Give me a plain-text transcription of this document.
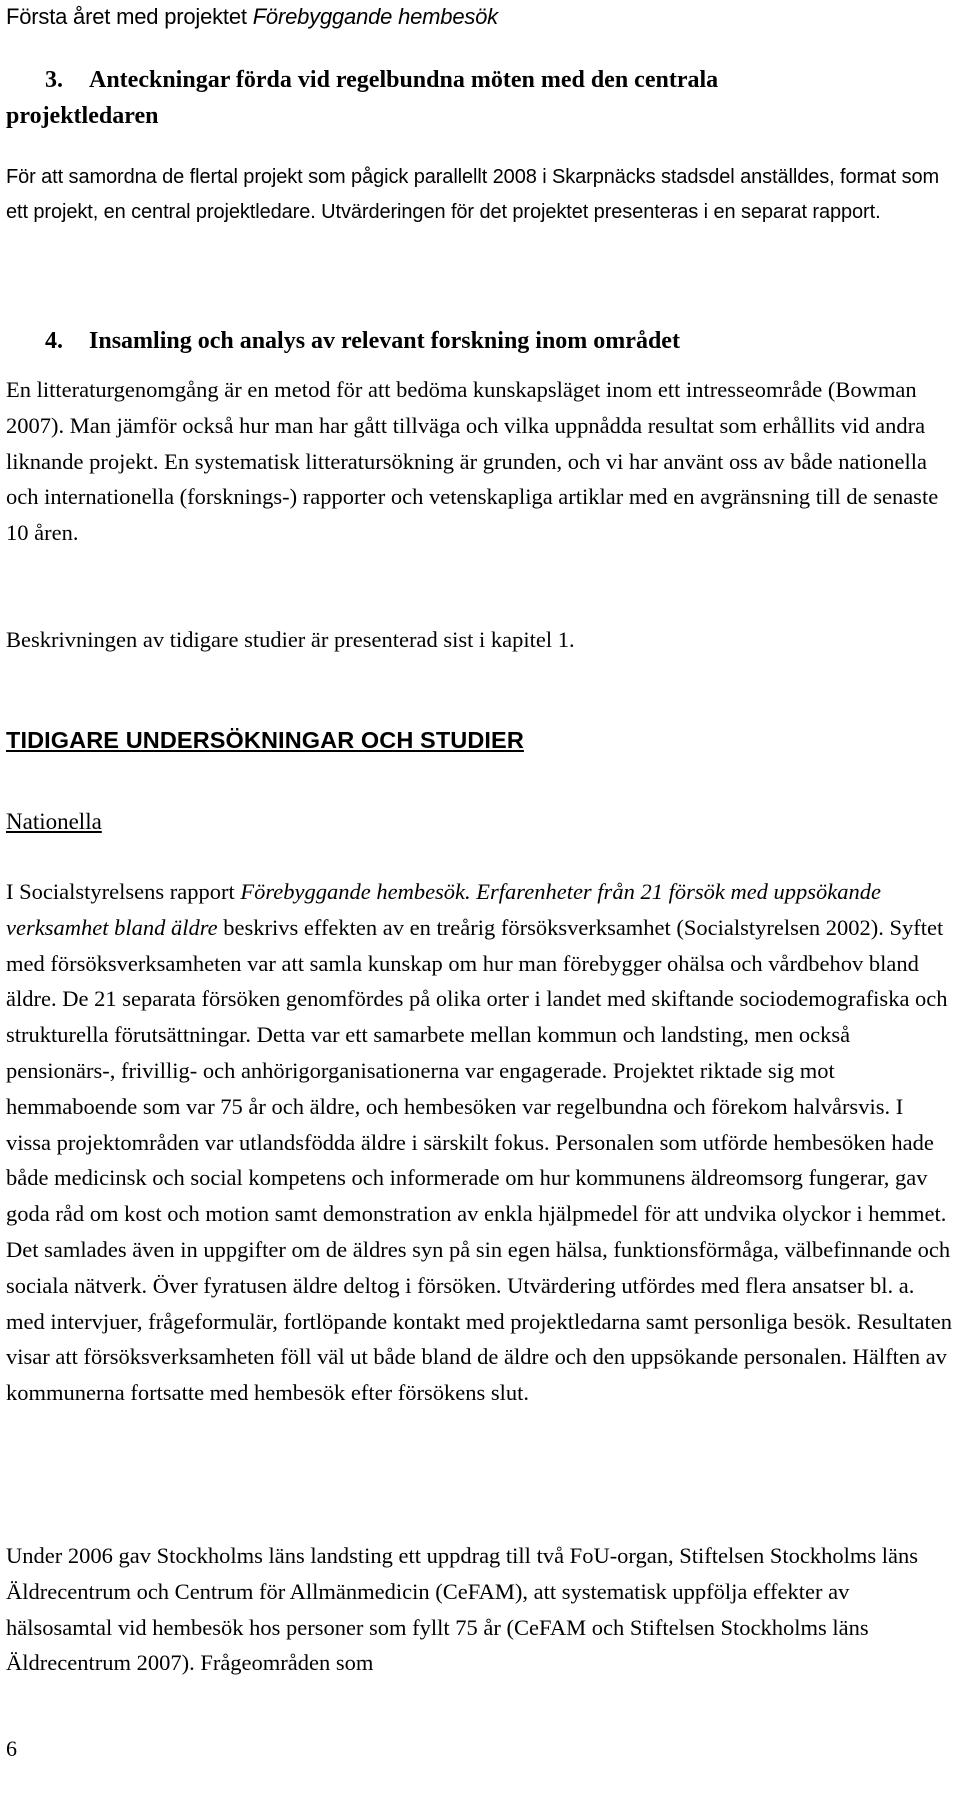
Första året med projektet Förebyggande hembesök
3. Anteckningar förda vid regelbundna möten med den centrala
projektledaren

För att samordna de flertal projekt som pågick parallellt 2008 i Skarpnäcks stadsdel anställdes, format som ett projekt, en central projektledare. Utvärderingen för det projektet presenteras i en separat rapport.

4. Insamling och analys av relevant forskning inom området

En litteraturgenomgång är en metod för att bedöma kunskapsläget inom ett intresseområde (Bowman 2007). Man jämför också hur man har gått tillväga och vilka uppnådda resultat som erhållits vid andra liknande projekt. En systematisk litteratursökning är grunden, och vi har använt oss av både nationella och internationella (forsknings-) rapporter och vetenskapliga artiklar med en avgränsning till de senaste 10 åren.

Beskrivningen av tidigare studier är presenterad sist i kapitel 1.

TIDIGARE UNDERSÖKNINGAR OCH STUDIER
Nationella

I Socialstyrelsens rapport Förebyggande hembesök. Erfarenheter från 21 försök med uppsökande verksamhet bland äldre beskrivs effekten av en treårig försöksverksamhet (Socialstyrelsen 2002). Syftet med försöksverksamheten var att samla kunskap om hur man förebygger ohälsa och vårdbehov bland äldre. De 21 separata försöken genomfördes på olika orter i landet med skiftande sociodemografiska och strukturella förutsättningar. Detta var ett samarbete mellan kommun och landsting, men också pensionärs-, frivillig- och anhörigorganisationerna var engagerade. Projektet riktade sig mot hemmaboende som var 75 år och äldre, och hembesöken var regelbundna och förekom halvårsvis. I vissa projektområden var utlandsfödda äldre i särskilt fokus. Personalen som utförde hembesöken hade både medicinsk och social kompetens och informerade om hur kommunens äldreomsorg fungerar, gav goda råd om kost och motion samt demonstration av enkla hjälpmedel för att undvika olyckor i hemmet. Det samlades även in uppgifter om de äldres syn på sin egen hälsa, funktionsförmåga, välbefinnande och sociala nätverk. Över fyratusen äldre deltog i försöken. Utvärdering utfördes med flera ansatser bl. a. med intervjuer, frågeformulär, fortlöpande kontakt med projektledarna samt personliga besök. Resultaten visar att försöksverksamheten föll väl ut både bland de äldre och den uppsökande personalen. Hälften av kommunerna fortsatte med hembesök efter försökens slut.

Under 2006 gav Stockholms läns landsting ett uppdrag till två FoU-organ, Stiftelsen Stockholms läns Äldrecentrum och Centrum för Allmänmedicin (CeFAM), att systematisk uppföljа effekter av hälsosamtal vid hembesök hos personer som fyllt 75 år (CeFAM och Stiftelsen Stockholms läns Äldrecentrum 2007). Frågeområden som

6
